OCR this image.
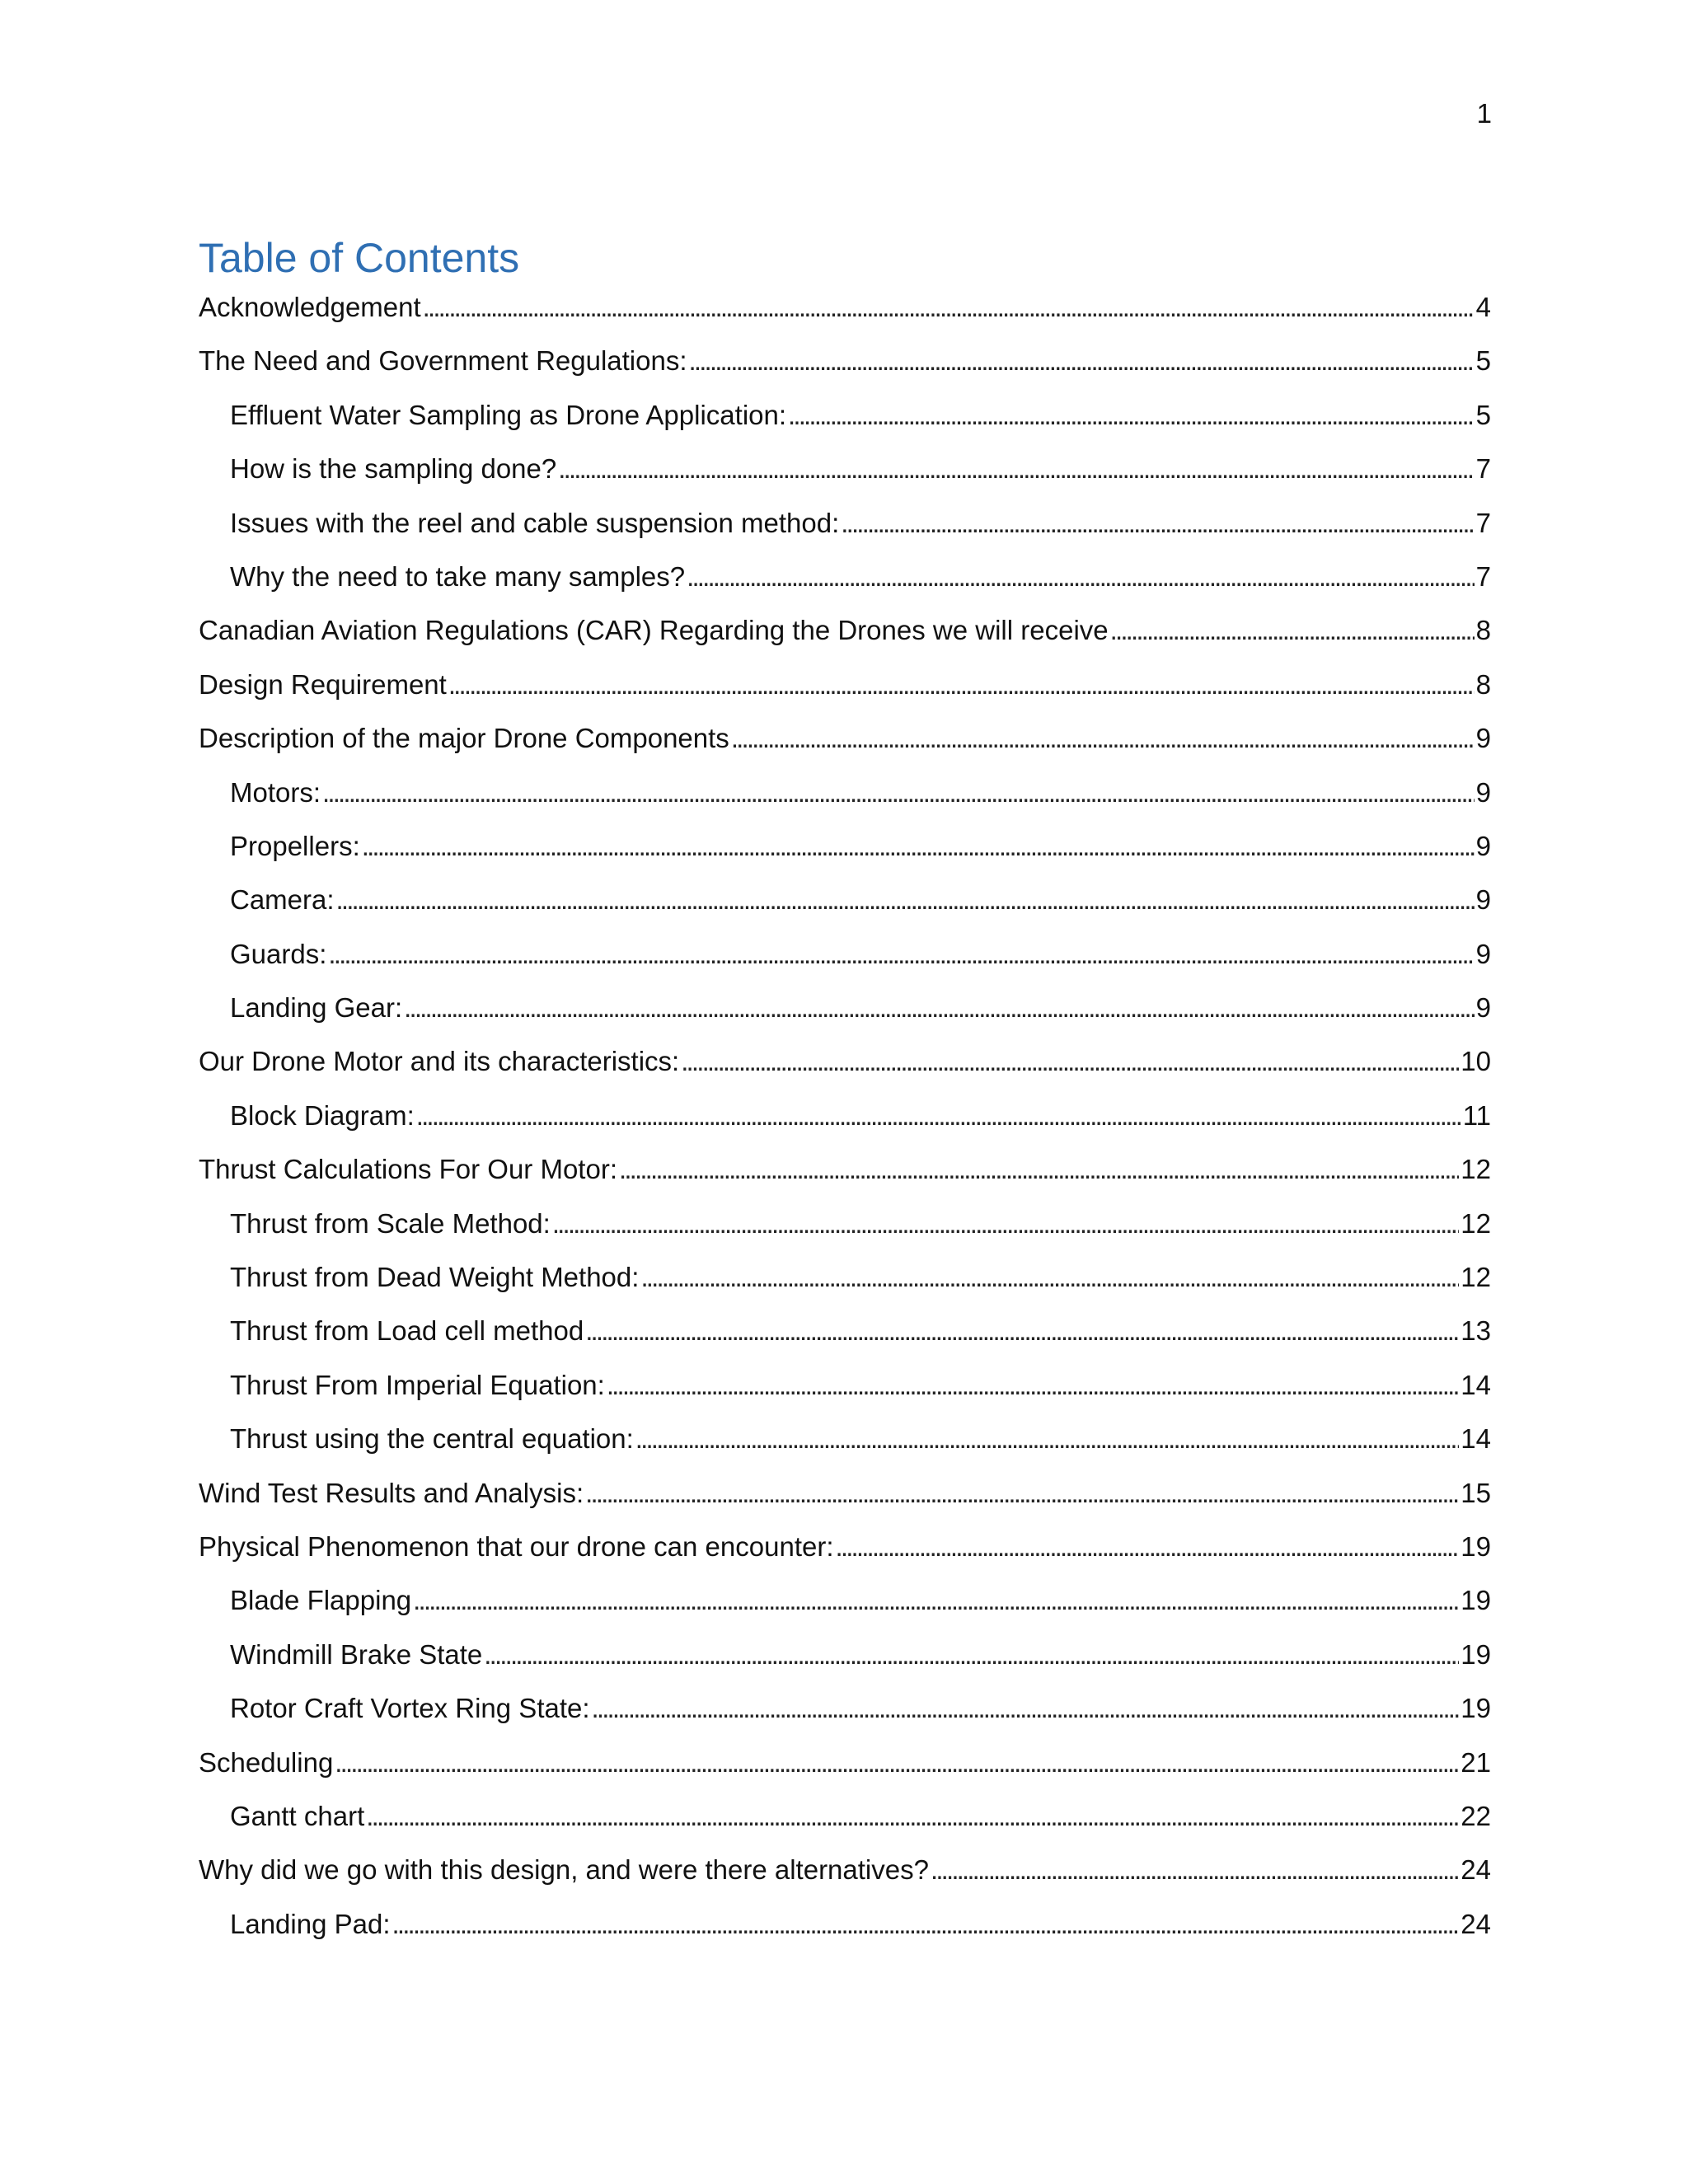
1
Table of Contents
Acknowledgement . . .	4
The Need and Government Regulations: . . .	5
Effluent Water Sampling as Drone Application: . . .	5
How is the sampling done? . . .	7
Issues with the reel and cable suspension method: . . .	7
Why the need to take many samples? . . .	7
Canadian Aviation Regulations (CAR) Regarding the Drones we will receive . . .	8
Design Requirement . . .	8
Description of the major Drone Components . . .	9
Motors: . . .	9
Propellers: . . .	9
Camera: . . .	9
Guards: . . .	9
Landing Gear: . . .	9
Our Drone Motor and its characteristics: . . .	10
Block Diagram: . . .	11
Thrust Calculations For Our Motor: . . .	12
Thrust from Scale Method: . . .	12
Thrust from Dead Weight Method: . . .	12
Thrust from Load cell method . . .	13
Thrust From Imperial Equation: . . .	14
Thrust using the central equation: . . .	14
Wind Test Results and Analysis: . . .	15
Physical Phenomenon that our drone can encounter: . . .	19
Blade Flapping . . .	19
Windmill Brake State . . .	19
Rotor Craft Vortex Ring State: . . .	19
Scheduling . . .	21
Gantt chart . . .	22
Why did we go with this design, and were there alternatives? . . .	24
Landing Pad: . . .	24
